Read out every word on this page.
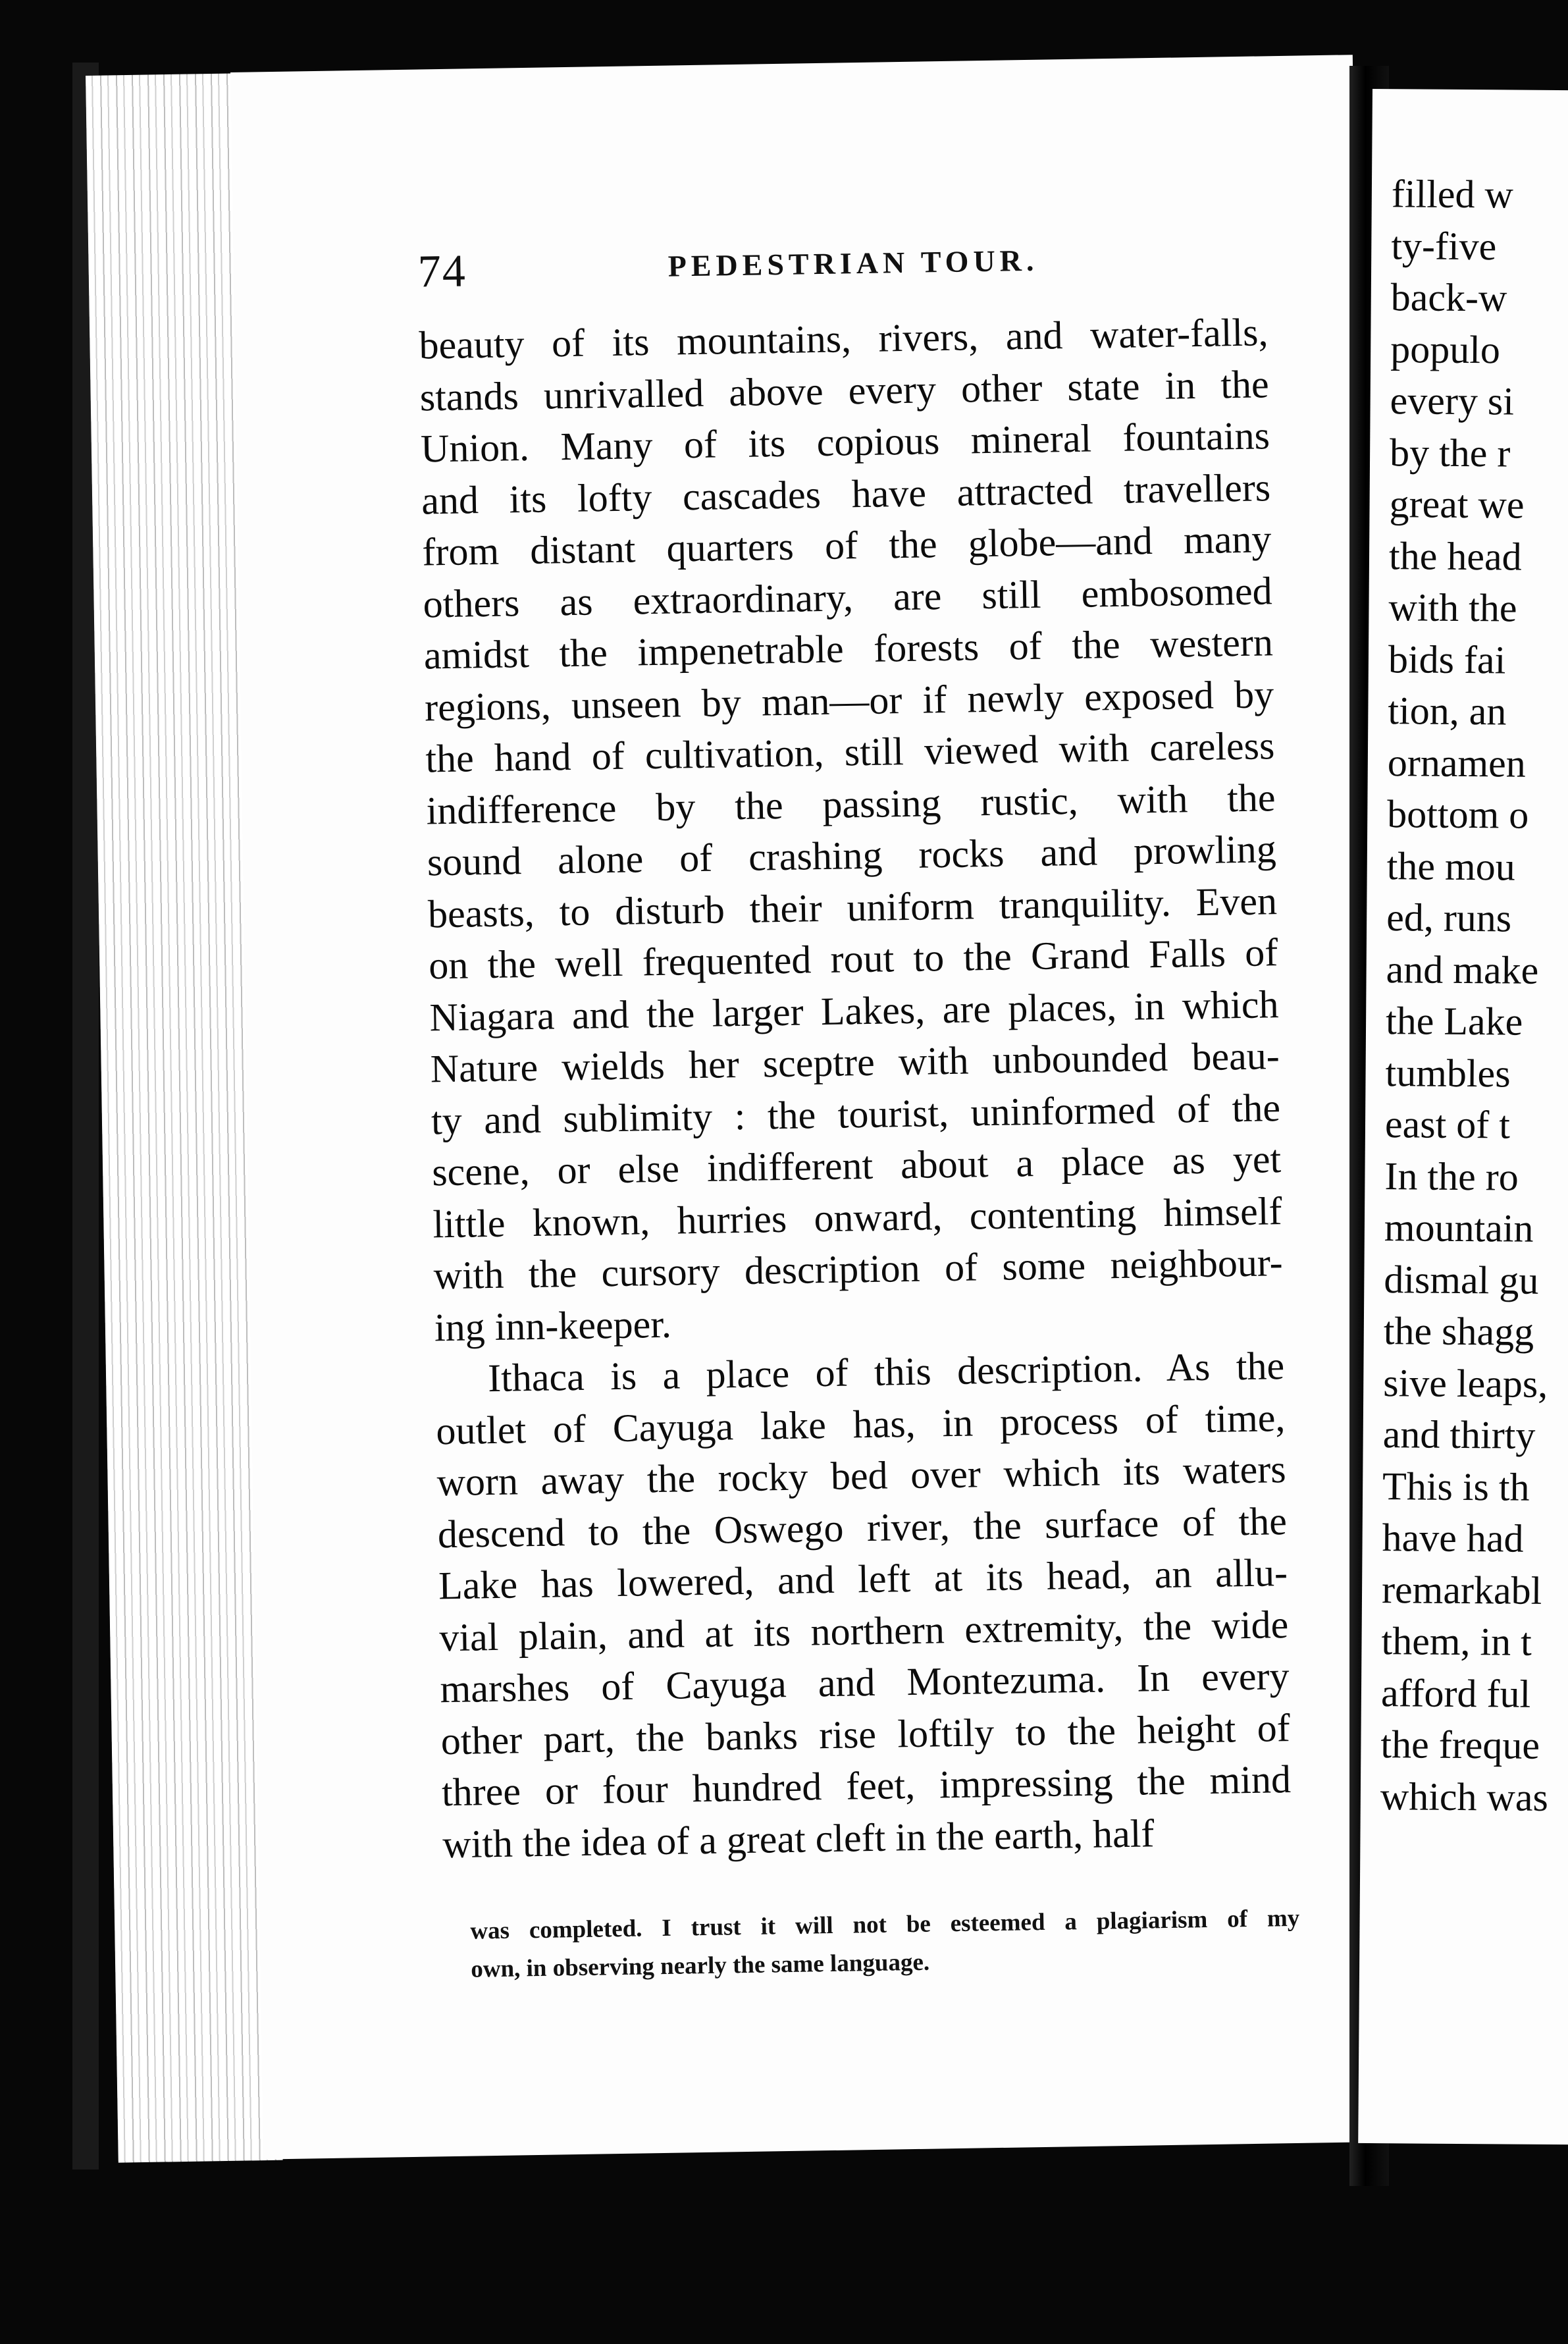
74	PEDESTRIAN TOUR.
beauty of its mountains, rivers, and water-falls,
stands unrivalled above every other state in the
Union. Many of its copious mineral fountains
and its lofty cascades have attracted travellers
from distant quarters of the globe—and many
others as extraordinary, are still embosomed
amidst the impenetrable forests of the western
regions, unseen by man—or if newly exposed by
the hand of cultivation, still viewed with careless
indifference by the passing rustic, with the
sound alone of crashing rocks and prowling
beasts, to disturb their uniform tranquility. Even
on the well frequented rout to the Grand Falls of
Niagara and the larger Lakes, are places, in which
Nature wields her sceptre with unbounded beau-
ty and sublimity : the tourist, uninformed of the
scene, or else indifferent about a place as yet
little known, hurries onward, contenting himself
with the cursory description of some neighbour-
ing inn-keeper.
Ithaca is a place of this description. As the
outlet of Cayuga lake has, in process of time,
worn away the rocky bed over which its waters
descend to the Oswego river, the surface of the
Lake has lowered, and left at its head, an allu-
vial plain, and at its northern extremity, the wide
marshes of Cayuga and Montezuma. In every
other part, the banks rise loftily to the height of
three or four hundred feet, impressing the mind
with the idea of a great cleft in the earth, half
was completed. I trust it will not be esteemed a plagiarism of my
own, in observing nearly the same language.
filled w
ty-five
back-w
populo
every si
by the r
great we
the head
with the
bids fai
tion, an
ornamen
bottom o
the mou
ed, runs
and make
the Lake
tumbles
east of t
In the ro
mountain
dismal gu
the shagg
sive leaps,
and thirty
This is th
have had
remarkabl
them, in t
afford ful
the freque
which was
